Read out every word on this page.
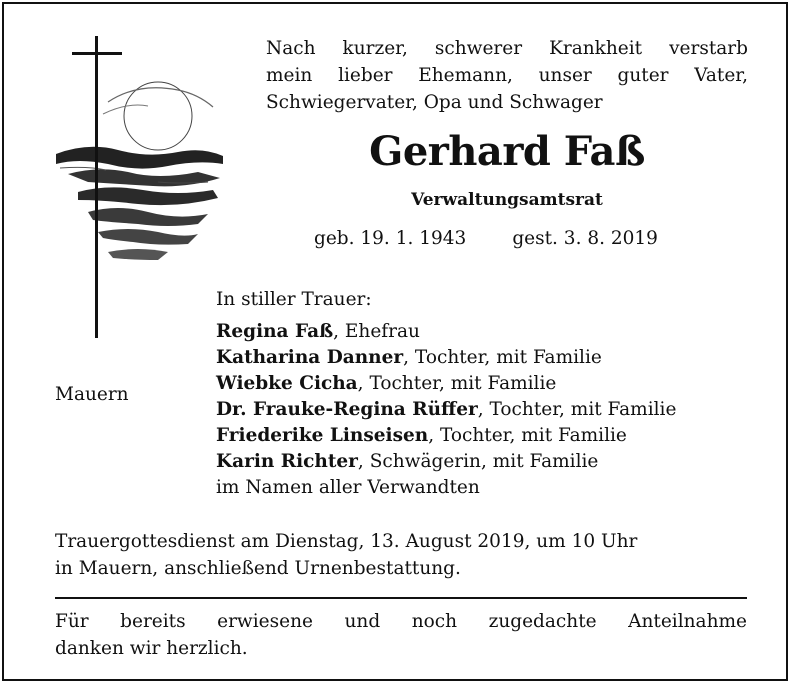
Nach kurzer, schwerer Krankheit verstarb
mein lieber Ehemann, unser guter Vater,
Schwiegervater, Opa und Schwager
Gerhard Faß
Verwaltungsamtsrat
geb. 19. 1. 1943 gest. 3. 8. 2019
In stiller Trauer:
Regina Faß, Ehefrau
Katharina Danner, Tochter, mit Familie
Wiebke Cicha, Tochter, mit Familie
Dr. Frauke-Regina Rüffer, Tochter, mit Familie
Friederike Linseisen, Tochter, mit Familie
Karin Richter, Schwägerin, mit Familie
im Namen aller Verwandten
Mauern
Trauergottesdienst am Dienstag, 13. August 2019, um 10 Uhr
in Mauern, anschließend Urnenbestattung.
Für bereits erwiesene und noch zugedachte Anteilnahme
danken wir herzlich.
